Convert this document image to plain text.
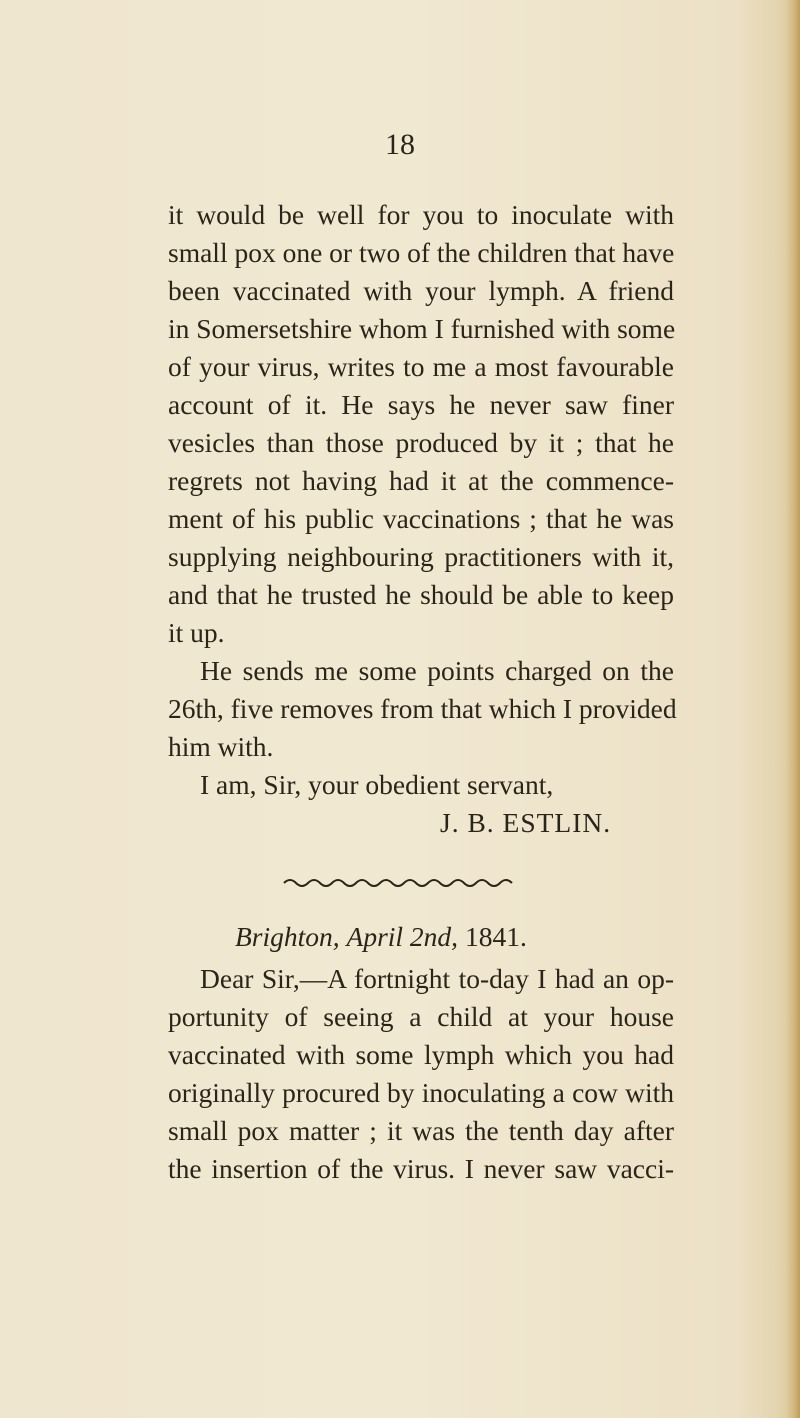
18
it would be well for you to inoculate with
small pox one or two of the children that have
been vaccinated with your lymph. A friend
in Somersetshire whom I furnished with some
of your virus, writes to me a most favourable
account of it. He says he never saw finer
vesicles than those produced by it ; that he
regrets not having had it at the commence-
ment of his public vaccinations ; that he was
supplying neighbouring practitioners with it,
and that he trusted he should be able to keep
it up.
He sends me some points charged on the
26th, five removes from that which I provided
him with.
I am, Sir, your obedient servant,
J. B. ESTLIN.
Brighton, April 2nd, 1841.
Dear Sir,—A fortnight to-day I had an op-
portunity of seeing a child at your house
vaccinated with some lymph which you had
originally procured by inoculating a cow with
small pox matter ; it was the tenth day after
the insertion of the virus. I never saw vacci-
